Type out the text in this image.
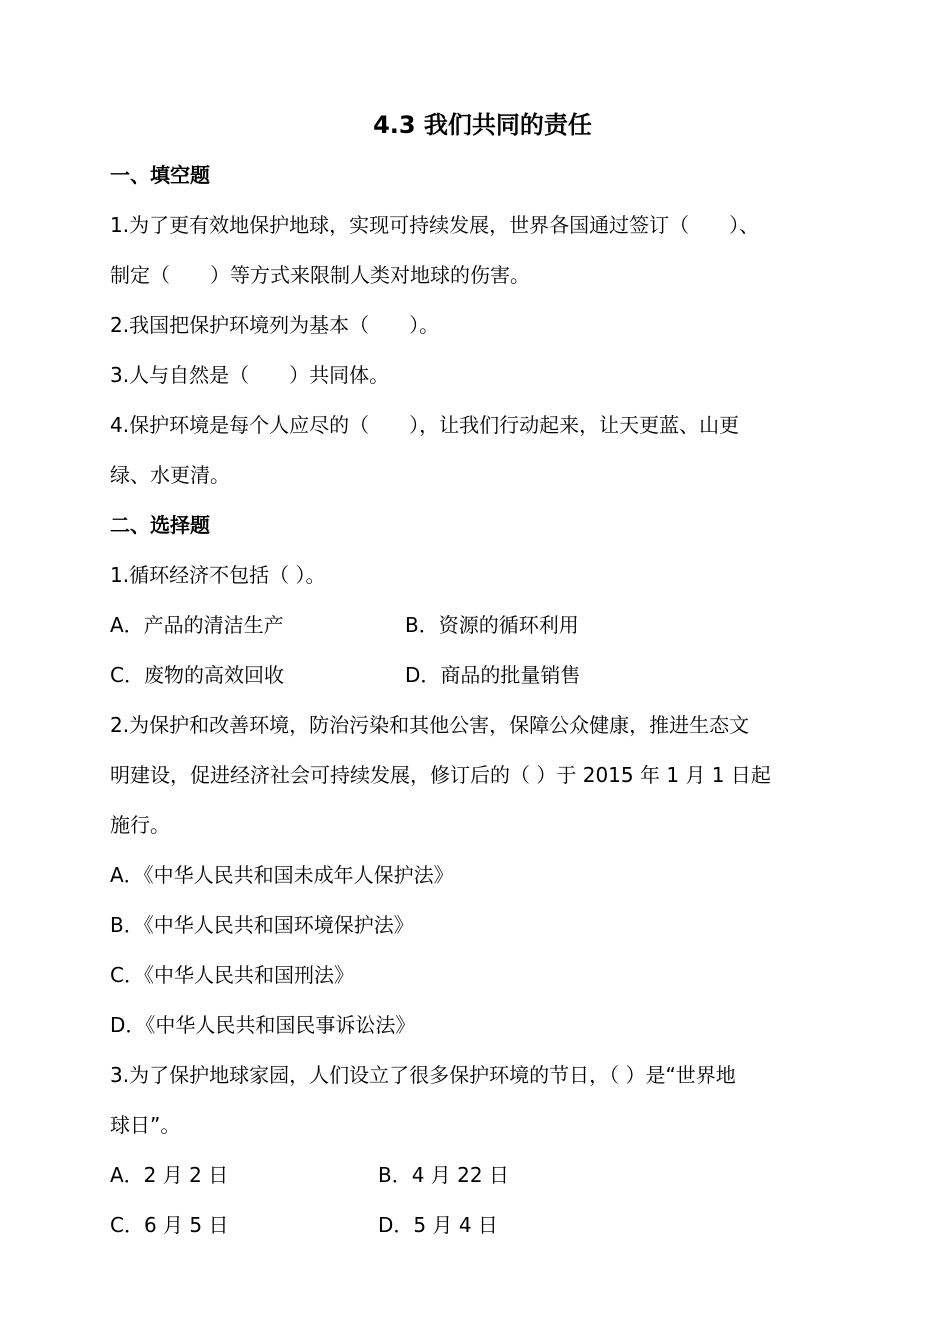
4.3 我们共同的责任
一、填空题
1.为了更有效地保护地球，实现可持续发展，世界各国通过签订（　　）、
制定（　　）等方式来限制人类对地球的伤害。
2.我国把保护环境列为基本（　　）。
3.人与自然是（　　）共同体。
4.保护环境是每个人应尽的（　　），让我们行动起来，让天更蓝、山更
绿、水更清。
二、选择题
1.循环经济不包括（ ）。
A．产品的清洁生产	B．资源的循环利用
C．废物的高效回收	D．商品的批量销售
2.为保护和改善环境，防治污染和其他公害，保障公众健康，推进生态文
明建设，促进经济社会可持续发展，修订后的（ ）于 2015 年 1 月 1 日起
施行。
A．《中华人民共和国未成年人保护法》
B．《中华人民共和国环境保护法》
C．《中华人民共和国刑法》
D．《中华人民共和国民事诉讼法》
3.为了保护地球家园，人们设立了很多保护环境的节日，（ ）是“世界地
球日”。
A．2 月 2 日	B．4 月 22 日
C．6 月 5 日	D．5 月 4 日
